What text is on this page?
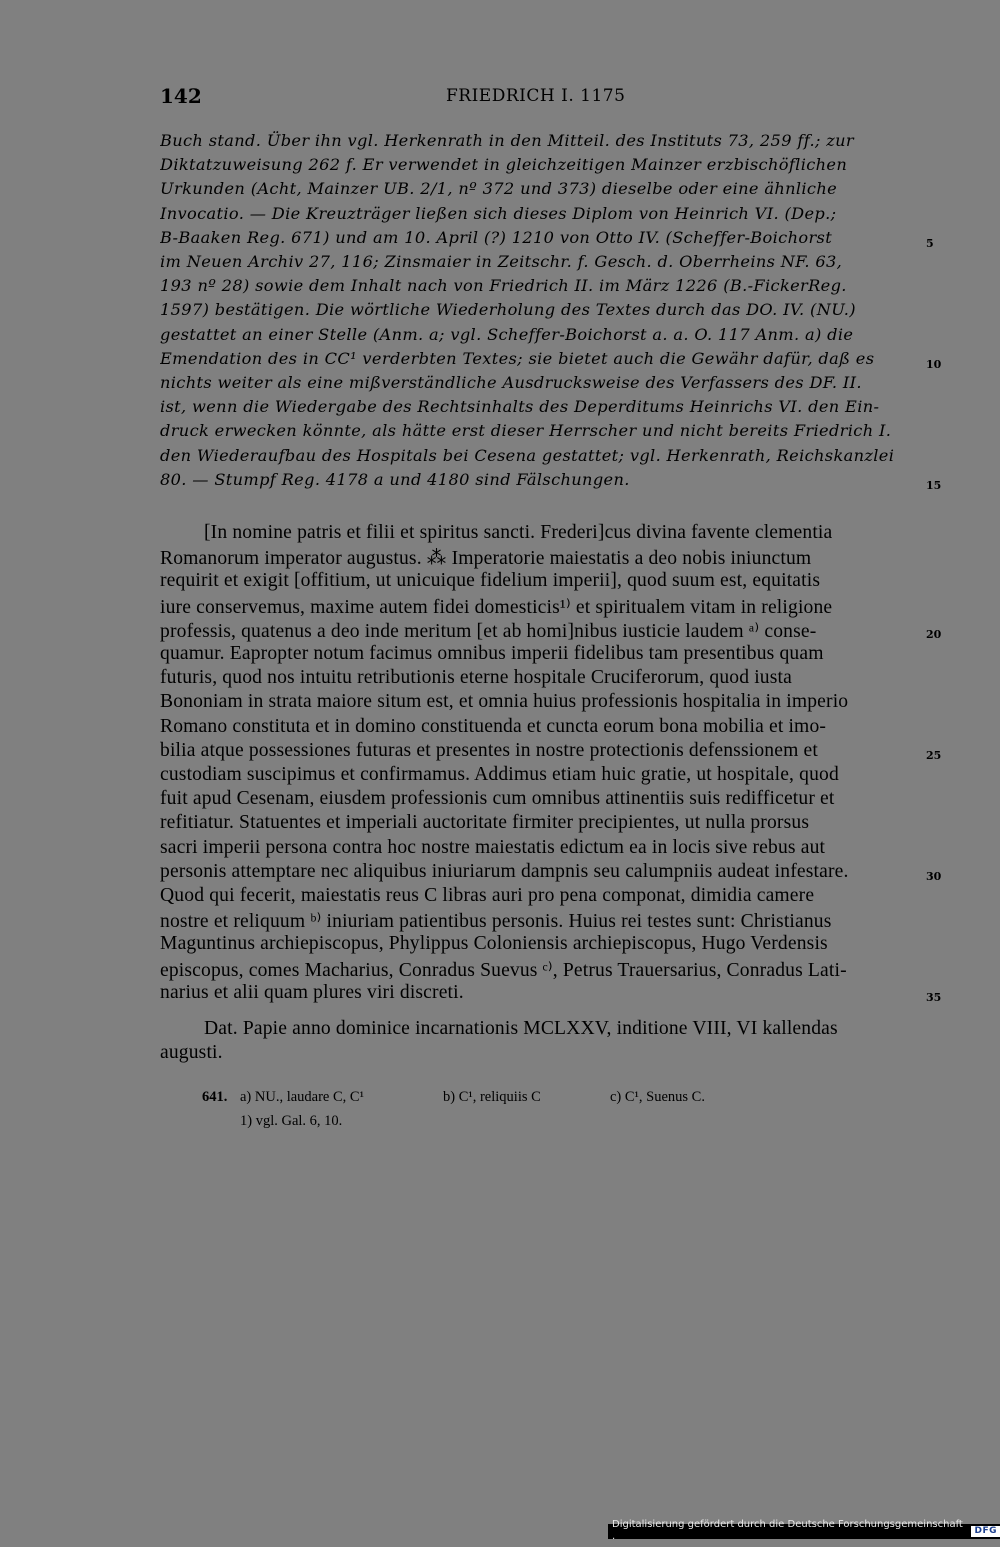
142	FRIEDRICH I. 1175
Buch stand. Über ihn vgl. Herkenrath in den Mitteil. des Instituts 73, 259 ff.; zur
Diktatzuweisung 262 f. Er verwendet in gleichzeitigen Mainzer erzbischöflichen
Urkunden (Acht, Mainzer UB. 2/1, nº 372 und 373) dieselbe oder eine ähnliche
Invocatio. — Die Kreuzträger ließen sich dieses Diplom von Heinrich VI. (Dep.;
B-Baaken Reg. 671) und am 10. April (?) 1210 von Otto IV. (Scheffer-Boichorst
im Neuen Archiv 27, 116; Zinsmaier in Zeitschr. f. Gesch. d. Oberrheins NF. 63,
193 nº 28) sowie dem Inhalt nach von Friedrich II. im März 1226 (B.-FickerReg.
1597) bestätigen. Die wörtliche Wiederholung des Textes durch das DO. IV. (NU.)
gestattet an einer Stelle (Anm. a; vgl. Scheffer-Boichorst a. a. O. 117 Anm. a) die
Emendation des in CC¹ verderbten Textes; sie bietet auch die Gewähr dafür, daß es
nichts weiter als eine mißverständliche Ausdrucksweise des Verfassers des DF. II.
ist, wenn die Wiedergabe des Rechtsinhalts des Deperditums Heinrichs VI. den Ein-
druck erwecken könnte, als hätte erst dieser Herrscher und nicht bereits Friedrich I.
den Wiederaufbau des Hospitals bei Cesena gestattet; vgl. Herkenrath, Reichskanzlei
80. — Stumpf Reg. 4178 a und 4180 sind Fälschungen.
5
10
15
[In nomine patris et filii et spiritus sancti. Frederi]cus divina favente clementia
Romanorum imperator augustus. ⁂ Imperatorie maiestatis a deo nobis iniunctum
requirit et exigit [offitium, ut unicuique fidelium imperii], quod suum est, equitatis
iure conservemus, maxime autem fidei domesticis¹⁾ et spiritualem vitam in religione
professis, quatenus a deo inde meritum [et ab homi]nibus iusticie laudem ᵃ⁾ conse-
quamur. Eapropter notum facimus omnibus imperii fidelibus tam presentibus quam
futuris, quod nos intuitu retributionis eterne hospitale Cruciferorum, quod iusta
Bononiam in strata maiore situm est, et omnia huius professionis hospitalia in imperio
Romano constituta et in domino constituenda et cuncta eorum bona mobilia et imo-
bilia atque possessiones futuras et presentes in nostre protectionis defenssionem et
custodiam suscipimus et confirmamus. Addimus etiam huic gratie, ut hospitale, quod
fuit apud Cesenam, eiusdem professionis cum omnibus attinentiis suis redifficetur et
refitiatur. Statuentes et imperiali auctoritate firmiter precipientes, ut nulla prorsus
sacri imperii persona contra hoc nostre maiestatis edictum ea in locis sive rebus aut
personis attemptare nec aliquibus iniuriarum dampnis seu calumpniis audeat infestare.
Quod qui fecerit, maiestatis reus C libras auri pro pena componat, dimidia camere
nostre et reliquum ᵇ⁾ iniuriam patientibus personis. Huius rei testes sunt: Christianus
Maguntinus archiepiscopus, Phylippus Coloniensis archiepiscopus, Hugo Verdensis
episcopus, comes Macharius, Conradus Suevus ᶜ⁾, Petrus Trauersarius, Conradus Lati-
narius et alii quam plures viri discreti.
20
25
30
35
Dat. Papie anno dominice incarnationis MCLXXV, inditione VIII, VI kallendas
augusti.
641. a) NU., laudare C, C¹	b) C¹, reliquiis C	c) C¹, Suenus C.
1) vgl. Gal. 6, 10.
Digitalisierung gefördert durch die Deutsche Forschungsgemeinschaft ·
DFG
